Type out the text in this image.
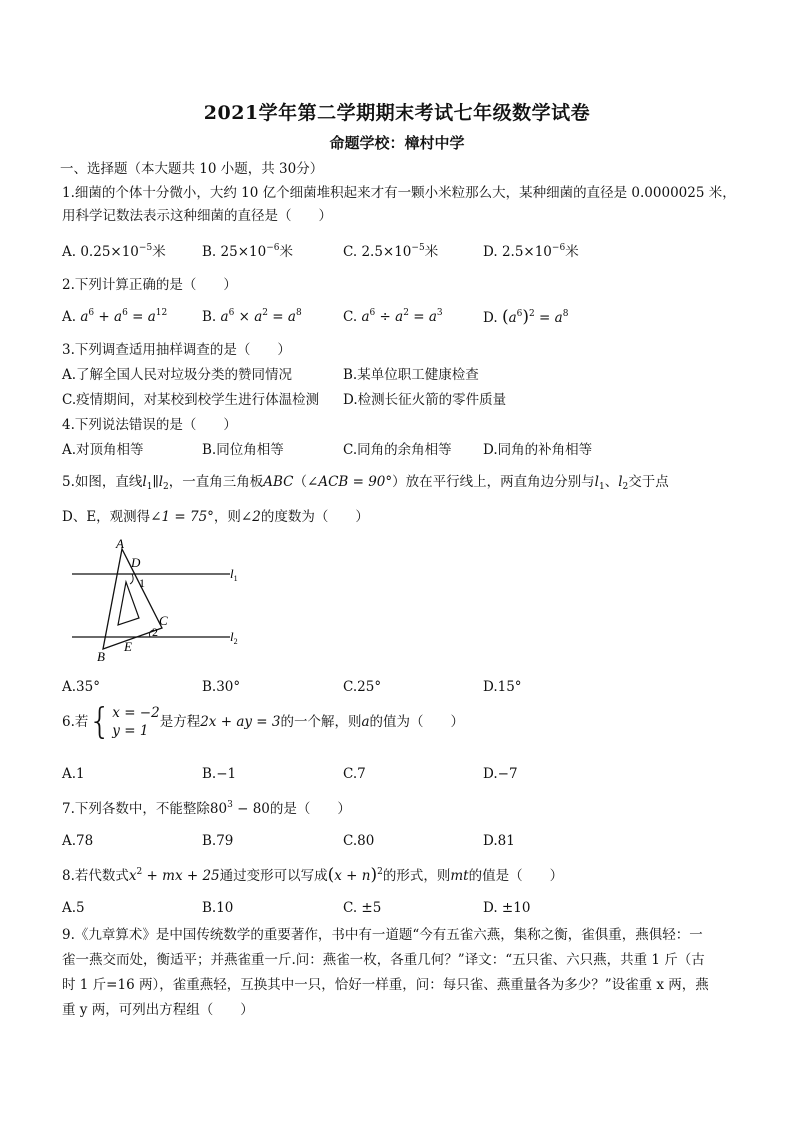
2021学年第二学期期末考试七年级数学试卷
命题学校：樟村中学
一、选择题（本大题共 10 小题，共 30分）
1.细菌的个体十分微小，大约 10 亿个细菌堆积起来才有一颗小米粒那么大，某种细菌的直径是 0.0000025 米，
用科学记数法表示这种细菌的直径是（　　）
A. $0.25\times 10^{-5}$米	B. $25\times 10^{-6}$米	C. $2.5\times 10^{-5}$米	D. $2.5\times 10^{-6}$米
2.下列计算正确的是（　　）
A. $a^6 + a^6 = a^{12}$	B. $a^6 \times a^2 = a^8$	C. $a^6 \div a^2 = a^3$	D. $(a^6)^2 = a^8$
3.下列调查适用抽样调查的是（　　）
A.了解全国人民对垃圾分类的赞同情况	B.某单位职工健康检查
C.疫情期间，对某校到校学生进行体温检测 D.检测长征火箭的零件质量
4.下列说法错误的是（　　）
A.对顶角相等	B.同位角相等	C.同角的余角相等 D.同角的补角相等
5.如图，直线$l_1\parallel l_2$，一直角三角板ABC（∠ACB = 90°）放在平行线上，两直角边分别与$l_1$、$l_2$交于点
D、E，观测得∠1 = 75°，则∠2的度数为（　　）
A
D
1
C
2
E
B
$l_1$
$l_2$
A.35°	B.30°	C.25°	D.15°
6.若{ x = −2
y = 1
是方程2x + ay = 3的一个解，则a的值为（　　）
A.1	B.−1	C.7	D.−7
7.下列各数中，不能整除$80^3 - 80$的是（　　）
A.78	B.79	C.80	D.81
8.若代数式$x^2$ + mx + 25通过变形可以写成$(x + n)^2$的形式，则mt的值是（　　）
A.5	B.10	C. ±5	D. ±10
9.《九章算术》是中国传统数学的重要著作，书中有一道题“今有五雀六燕，集称之衡，雀俱重，燕俱轻：一
雀一燕交而处，衡适平；并燕雀重一斤.问：燕雀一枚，各重几何？”译文：“五只雀、六只燕，共重 1 斤（古
时 1 斤=16 两），雀重燕轻，互换其中一只，恰好一样重，问：每只雀、燕重量各为多少？”设雀重 x 两，燕
重 y 两，可列出方程组（　　）
